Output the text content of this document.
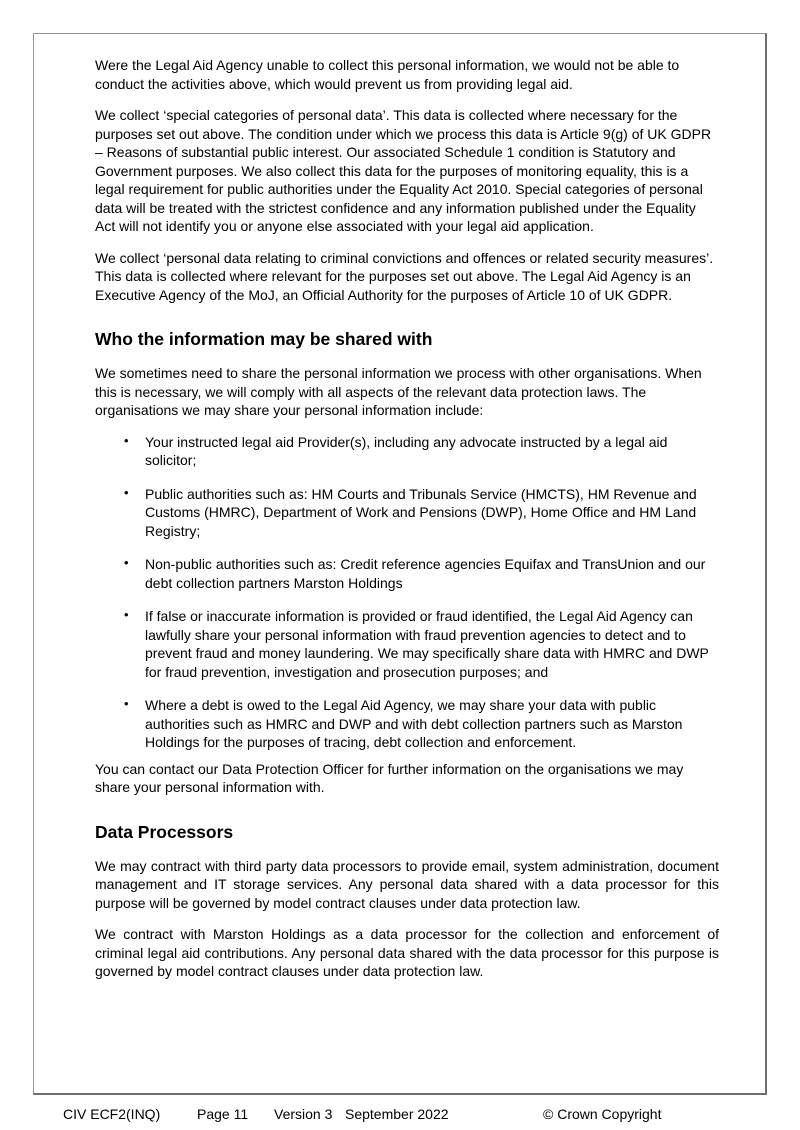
Were the Legal Aid Agency unable to collect this personal information, we would not be able to conduct the activities above, which would prevent us from providing legal aid.

We collect ‘special categories of personal data’. This data is collected where necessary for the purposes set out above. The condition under which we process this data is Article 9(g) of UK GDPR – Reasons of substantial public interest. Our associated Schedule 1 condition is Statutory and Government purposes. We also collect this data for the purposes of monitoring equality, this is a legal requirement for public authorities under the Equality Act 2010. Special categories of personal data will be treated with the strictest confidence and any information published under the Equality Act will not identify you or anyone else associated with your legal aid application.

We collect ‘personal data relating to criminal convictions and offences or related security measures’. This data is collected where relevant for the purposes set out above. The Legal Aid Agency is an Executive Agency of the MoJ, an Official Authority for the purposes of Article 10 of UK GDPR.

Who the information may be shared with

We sometimes need to share the personal information we process with other organisations. When this is necessary, we will comply with all aspects of the relevant data protection laws. The organisations we may share your personal information include:

• Your instructed legal aid Provider(s), including any advocate instructed by a legal aid solicitor;
• Public authorities such as: HM Courts and Tribunals Service (HMCTS), HM Revenue and Customs (HMRC), Department of Work and Pensions (DWP), Home Office and HM Land Registry;
• Non-public authorities such as: Credit reference agencies Equifax and TransUnion and our debt collection partners Marston Holdings
• If false or inaccurate information is provided or fraud identified, the Legal Aid Agency can lawfully share your personal information with fraud prevention agencies to detect and to prevent fraud and money laundering. We may specifically share data with HMRC and DWP for fraud prevention, investigation and prosecution purposes; and
• Where a debt is owed to the Legal Aid Agency, we may share your data with public authorities such as HMRC and DWP and with debt collection partners such as Marston Holdings for the purposes of tracing, debt collection and enforcement.

You can contact our Data Protection Officer for further information on the organisations we may share your personal information with.

Data Processors

We may contract with third party data processors to provide email, system administration, document management and IT storage services. Any personal data shared with a data processor for this purpose will be governed by model contract clauses under data protection law.

We contract with Marston Holdings as a data processor for the collection and enforcement of criminal legal aid contributions. Any personal data shared with the data processor for this purpose is governed by model contract clauses under data protection law.

CIV ECF2(INQ)	Page 11 Version 3 September 2022	© Crown Copyright
